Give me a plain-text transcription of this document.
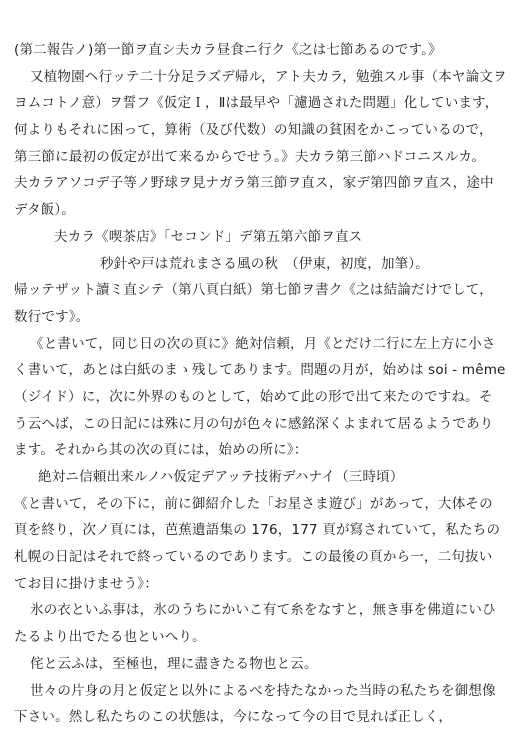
(第二報告ノ)第一節ヲ直シ夫カラ昼食ニ行ク《之は七節あるのです。》
又植物園ヘ行ッテ二十分足ラズデ帰ル，アト夫カラ，勉強スル事（本ヤ論文ヲ
ヨムコトノ意）ヲ誓フ《仮定Ｉ，Ⅱは最早や「濾過された問題」化しています，
何よりもそれに困って，算術（及び代数）の知識の貧困をかこっているので，
第三節に最初の仮定が出て来るからでせう。》夫カラ第三節ハドコニスルカ。
夫カラアソコデ子等ノ野球ヲ見ナガラ第三節ヲ直ス，家デ第四節ヲ直ス，途中
デタ飯）。
夫カラ《喫茶店》「セコンド」デ第五第六節ヲ直ス
秒針や戸は荒れまさる風の秋　（伊東，初度，加筆）。
帰ッテザット讀ミ直シテ（第八頁白紙）第七節ヲ書ク《之は結論だけでして，
数行です》。
《と書いて，同じ日の次の頁に》絶対信頼，月《とだけ二行に左上方に小さ
く書いて，あとは白紙のまゝ残してあります。問題の月が，始めは soi - même
（ジイド）に，次に外界のものとして，始めて此の形で出て来たのですね。そ
う云へば，この日記には殊に月の句が色々に感銘深くよまれて居るようであり
ます。それから其の次の頁には，始めの所に》：
絶対ニ信頼出来ルノハ仮定デアッテ技術デハナイ（三時頃）
《と書いて，その下に，前に御紹介した「お星さま遊び」があって，大体その
頁を終り，次ノ頁には，芭蕉遺語集の 176，177 頁が寫されていて，私たちの
札幌の日記はそれで終っているのであります。この最後の頁から一，二句抜い
てお目に掛けませう》：
氷の衣といふ事は，氷のうちにかいこ有て糸をなすと，無き事を佛道にいひ
たるより出でたる也といへり。
侘と云ふは，至極也，理に盡きたる物也と云。
世々の片身の月と仮定と以外によるべを持たなかった当時の私たちを御想像
下さい。然し私たちのこの状態は，今になって今の目で見れば正しく，
